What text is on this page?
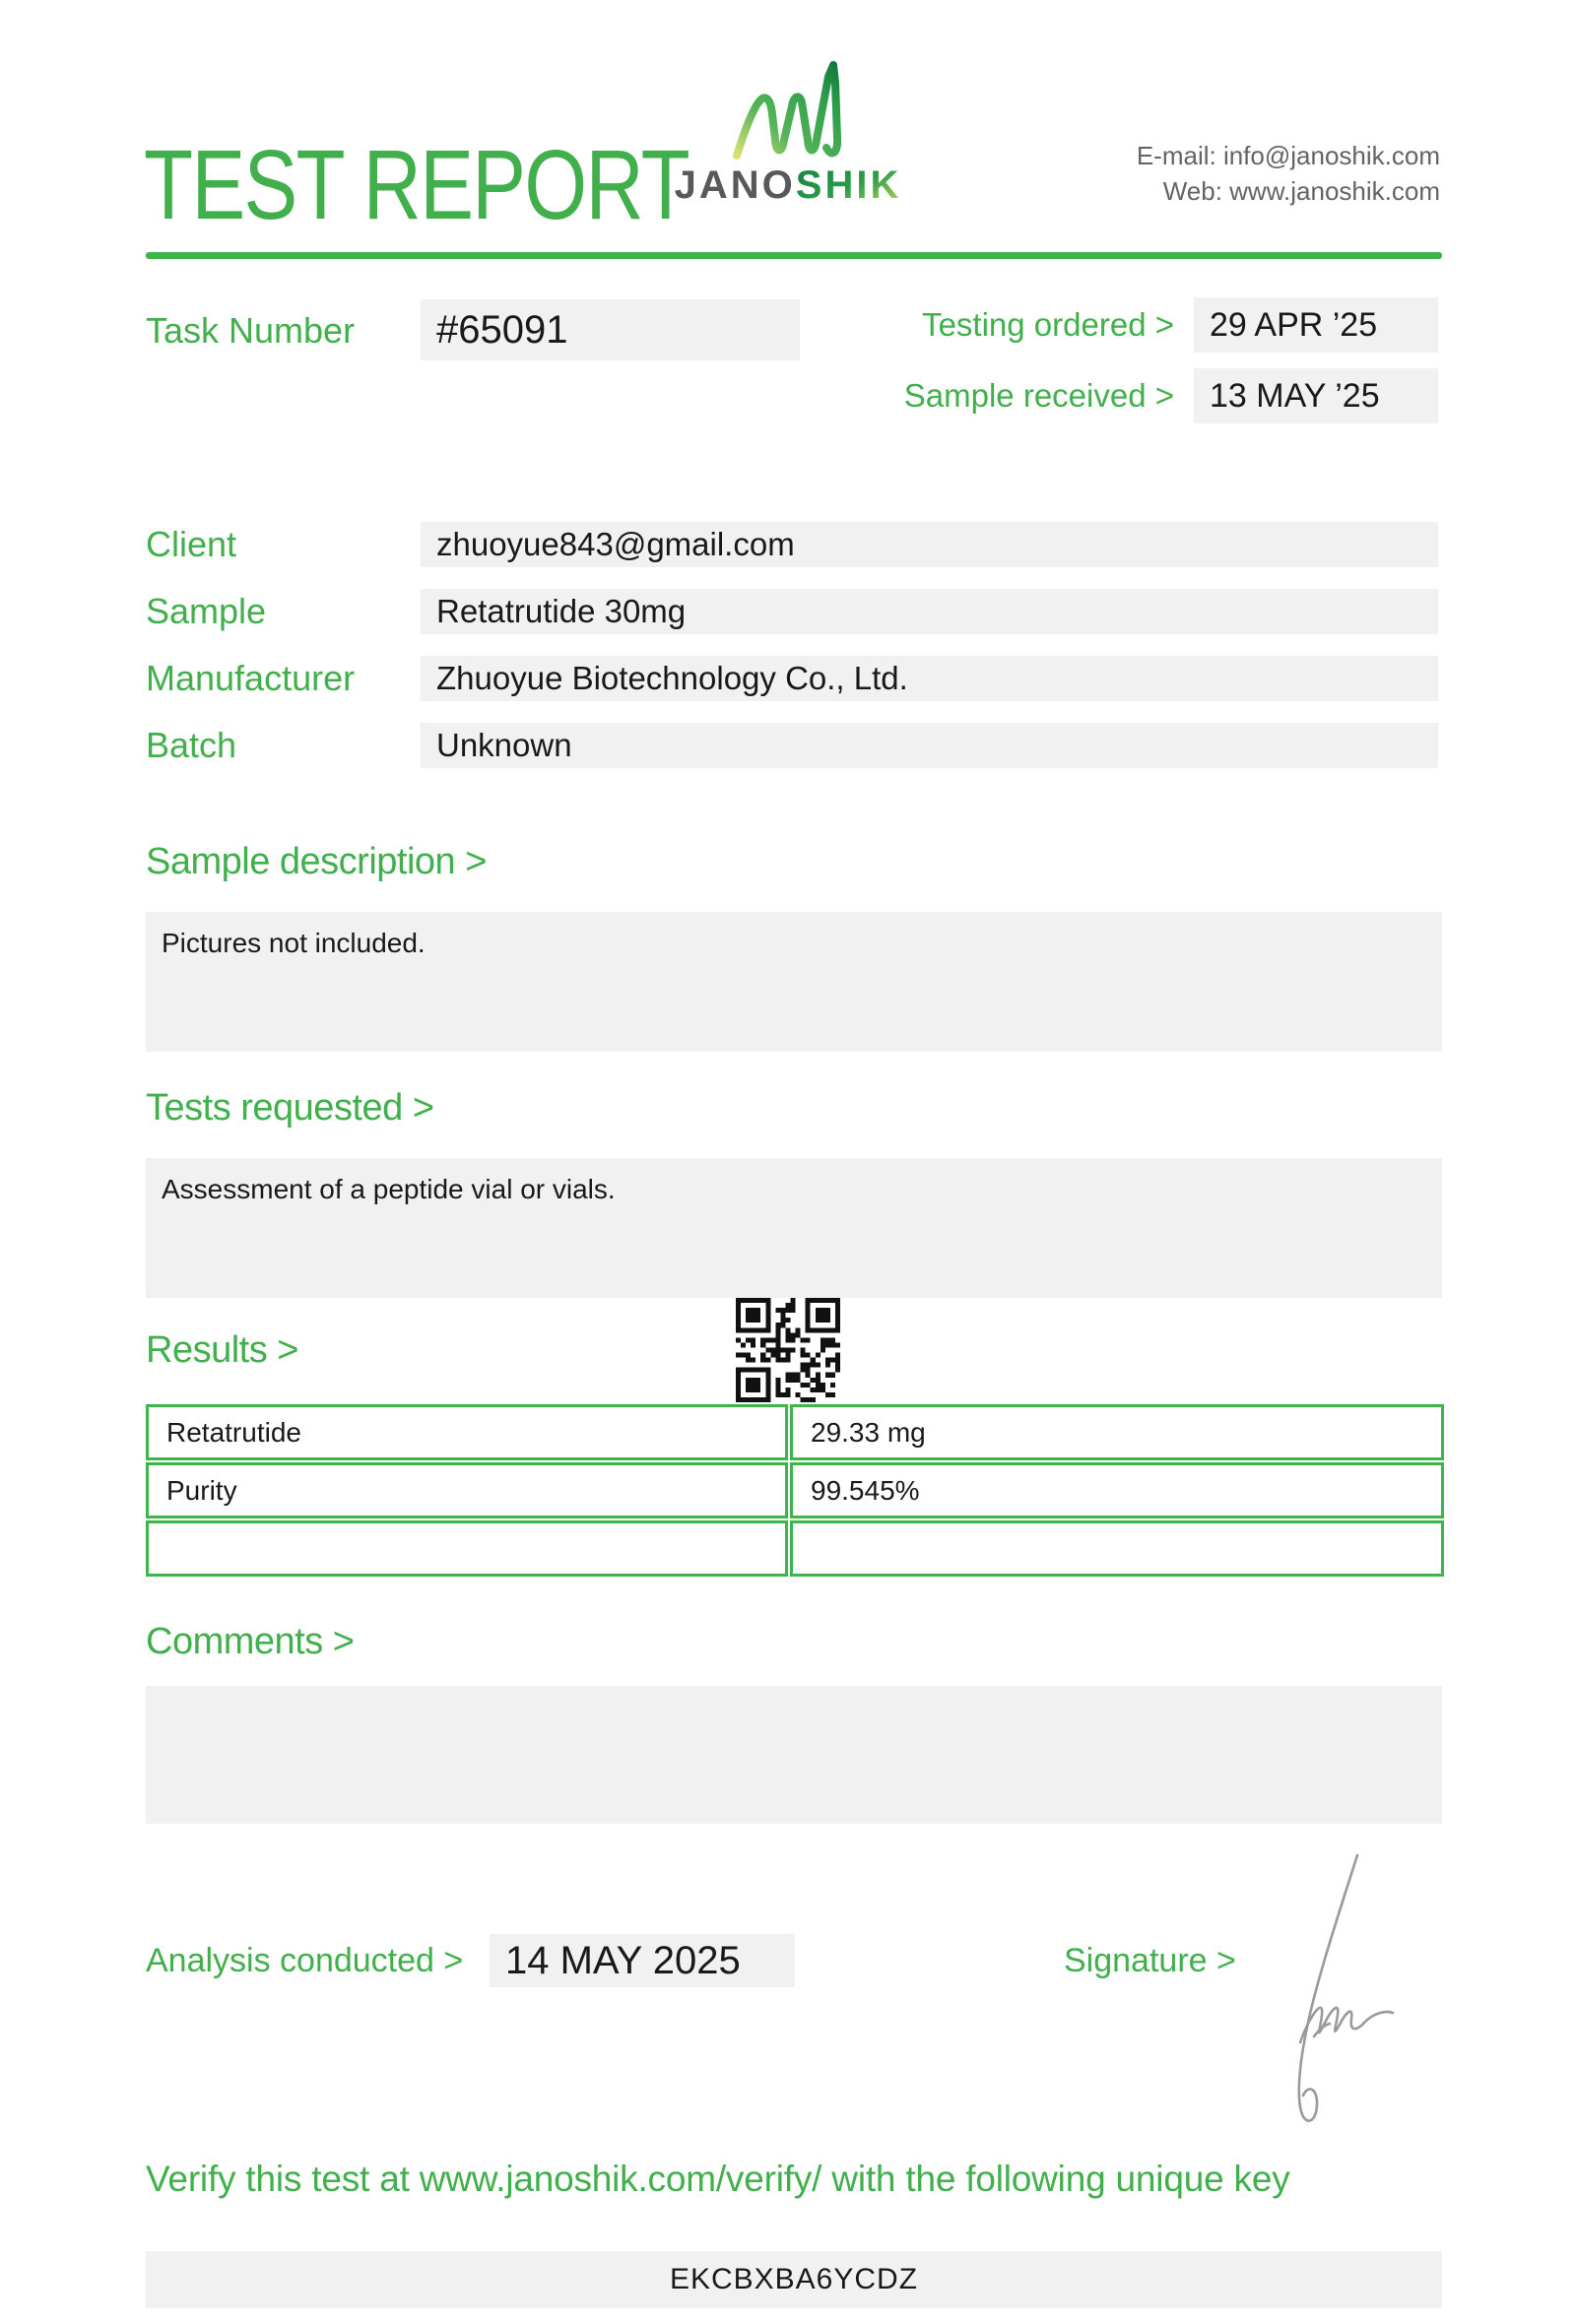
TEST REPORT
JANOSHIK
E-mail: info@janoshik.com
Web: www.janoshik.com
Task Number	#65091	Testing ordered >	29 APR ’25
Sample received >	13 MAY ’25
Client	zhuoyue843@gmail.com
Sample	Retatrutide 30mg
Manufacturer	Zhuoyue Biotechnology Co., Ltd.
Batch	Unknown
Sample description >
Pictures not included.
Tests requested >
Assessment of a peptide vial or vials.
Results >
Retatrutide	29.33 mg
Purity	99.545%
Comments >
Analysis conducted >	14 MAY 2025	Signature >
Verify this test at www.janoshik.com/verify/ with the following unique key
EKCBXBA6YCDZ
